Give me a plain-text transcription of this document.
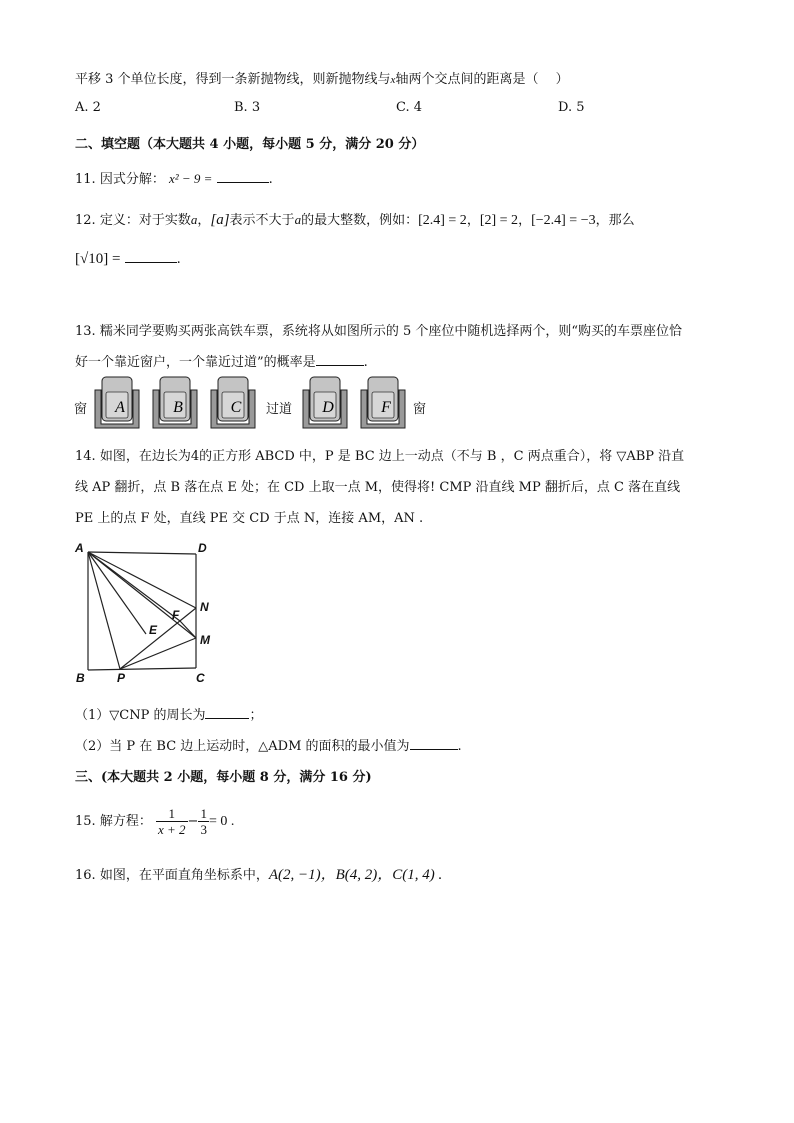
平移 3 个单位长度，得到一条新抛物线，则新抛物线与x轴两个交点间的距离是（　 ）
A. 2	B. 3	C. 4	D. 5
二、填空题（本大题共 4 小题，每小题 5 分，满分 20 分）
11. 因式分解： x² − 9 =	.
12. 定义：对于实数a，[a]表示不大于a的最大整数，例如：[2.4] = 2，[2] = 2，[−2.4] = −3，那么
[√10] =	.
13. 糯米同学要购买两张高铁车票，系统将从如图所示的 5 个座位中随机选择两个，则“购买的车票座位恰
好一个靠近窗户，一个靠近过道”的概率是	.
窗	过道	窗
A	B	C	D	F
14. 如图，在边长为4的正方形 ABCD 中，P 是 BC 边上一动点（不与 B ，C 两点重合），将 ▽ABP 沿直
线 AP 翻折，点 B 落在点 E 处；在 CD 上取一点 M，使得将! CMP 沿直线 MP 翻折后，点 C 落在直线
PE 上的点 F 处，直线 PE 交 CD 于点 N，连接 AM，AN .
A	D
B	P	C
E
F
N
M
（1）▽CNP 的周长为	；
（2）当 P 在 BC 边上运动时，△ADM 的面积的最小值为	.
三、(本大题共 2 小题，每小题 8 分，满分 16 分)
15. 解方程： $\frac{1}{x + 2} - \frac{1}{3} = 0$ .
16. 如图，在平面直角坐标系中，A(2, −1)，B(4, 2)，C(1, 4) .
